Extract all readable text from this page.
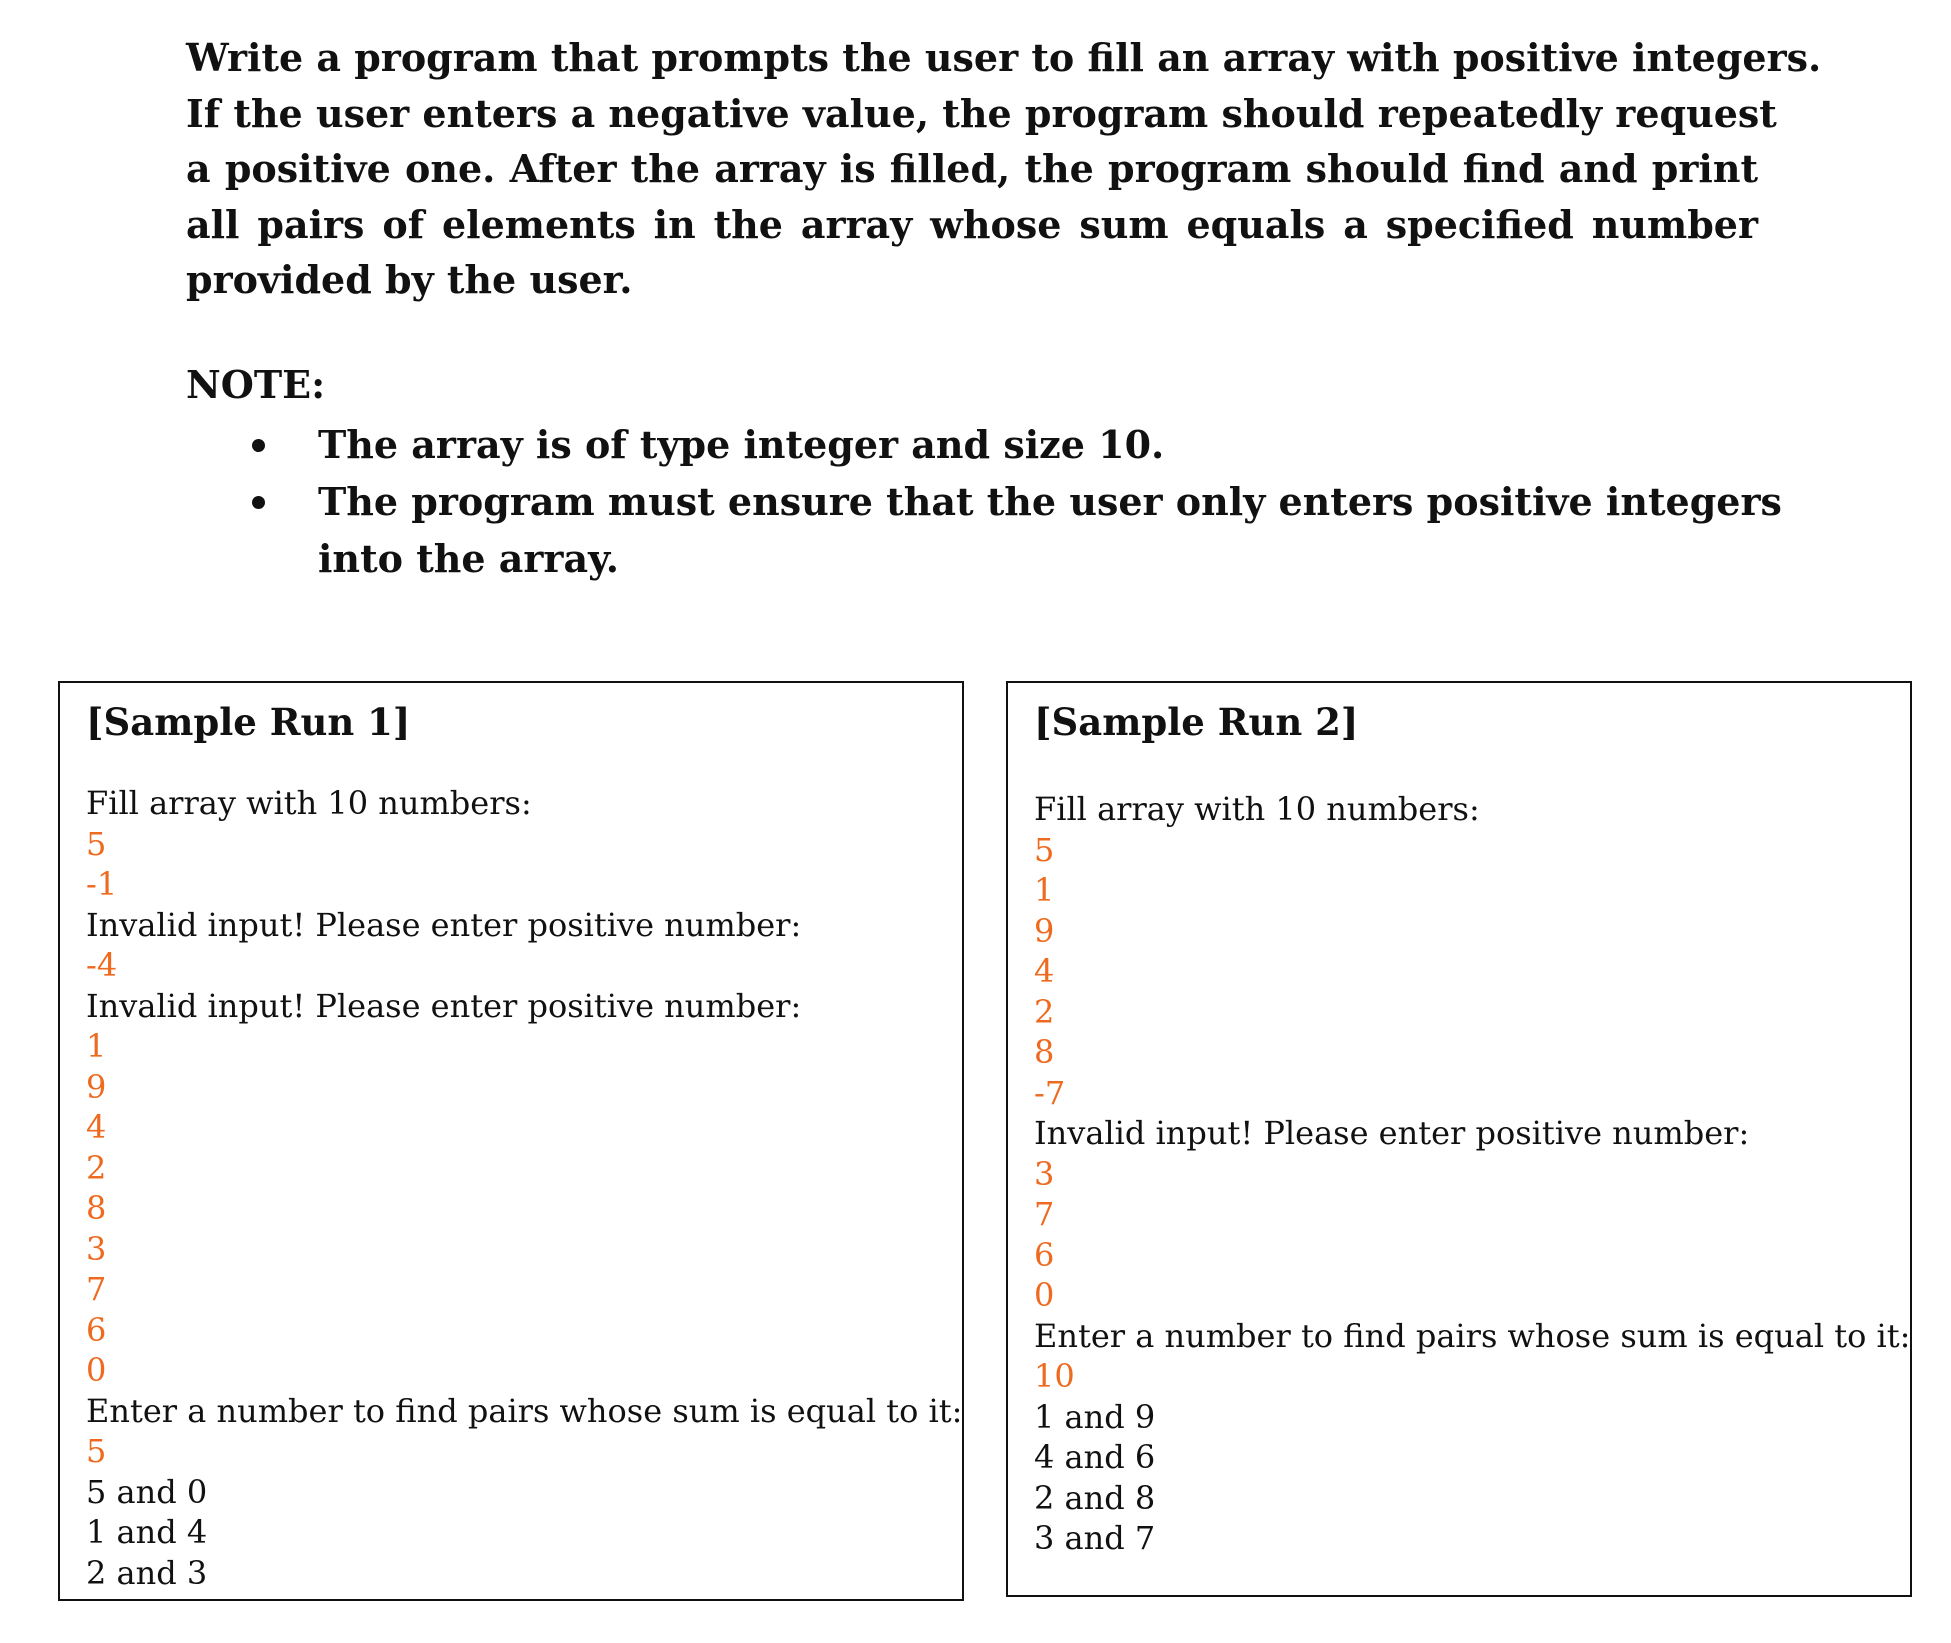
Write a program that prompts the user to fill an array with positive integers.
If the user enters a negative value, the program should repeatedly request
a positive one. After the array is filled, the program should find and print
all pairs of elements in the array whose sum equals a specified number
provided by the user.
NOTE:
The array is of type integer and size 10.
The program must ensure that the user only enters positive integers
into the array.
[Sample Run 1]
Fill array with 10 numbers:
5
-1
Invalid input! Please enter positive number:
-4
Invalid input! Please enter positive number:
1
9
4
2
8
3
7
6
0
Enter a number to find pairs whose sum is equal to it:
5
5 and 0
1 and 4
2 and 3
[Sample Run 2]
Fill array with 10 numbers:
5
1
9
4
2
8
-7
Invalid input! Please enter positive number:
3
7
6
0
Enter a number to find pairs whose sum is equal to it:
10
1 and 9
4 and 6
2 and 8
3 and 7
